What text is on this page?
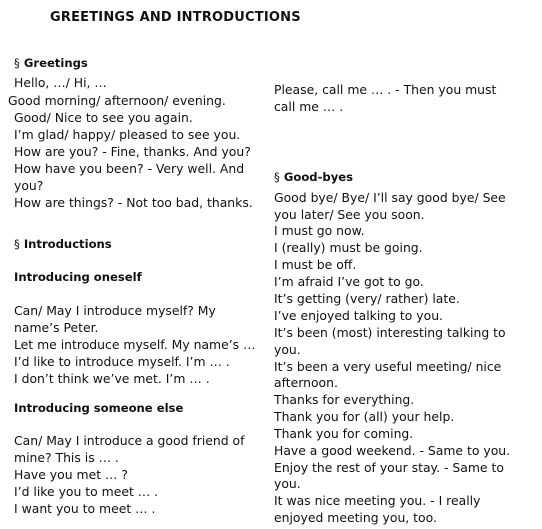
GREETINGS AND INTRODUCTIONS
§ Greetings
Hello, …/ Hi, …
Good morning/ afternoon/ evening.
Good/ Nice to see you again.
I’m glad/ happy/ pleased to see you.
How are you? - Fine, thanks. And you?
How have you been? - Very well. And
you?
How are things? - Not too bad, thanks.
§ Introductions
Introducing oneself
Can/ May I introduce myself? My
name’s Peter.
Let me introduce myself. My name’s …
I’d like to introduce myself. I’m … .
I don’t think we’ve met. I’m … .
Introducing someone else
Can/ May I introduce a good friend of
mine? This is … .
Have you met … ?
I’d like you to meet … .
I want you to meet … .
Please, call me … . - Then you must
call me … .
§ Good-byes
Good bye/ Bye/ I’ll say good bye/ See
you later/ See you soon.
I must go now.
I (really) must be going.
I must be off.
I’m afraid I’ve got to go.
It’s getting (very/ rather) late.
I’ve enjoyed talking to you.
It’s been (most) interesting talking to
you.
It’s been a very useful meeting/ nice
afternoon.
Thanks for everything.
Thank you for (all) your help.
Thank you for coming.
Have a good weekend. - Same to you.
Enjoy the rest of your stay. - Same to
you.
It was nice meeting you. - I really
enjoyed meeting you, too.
